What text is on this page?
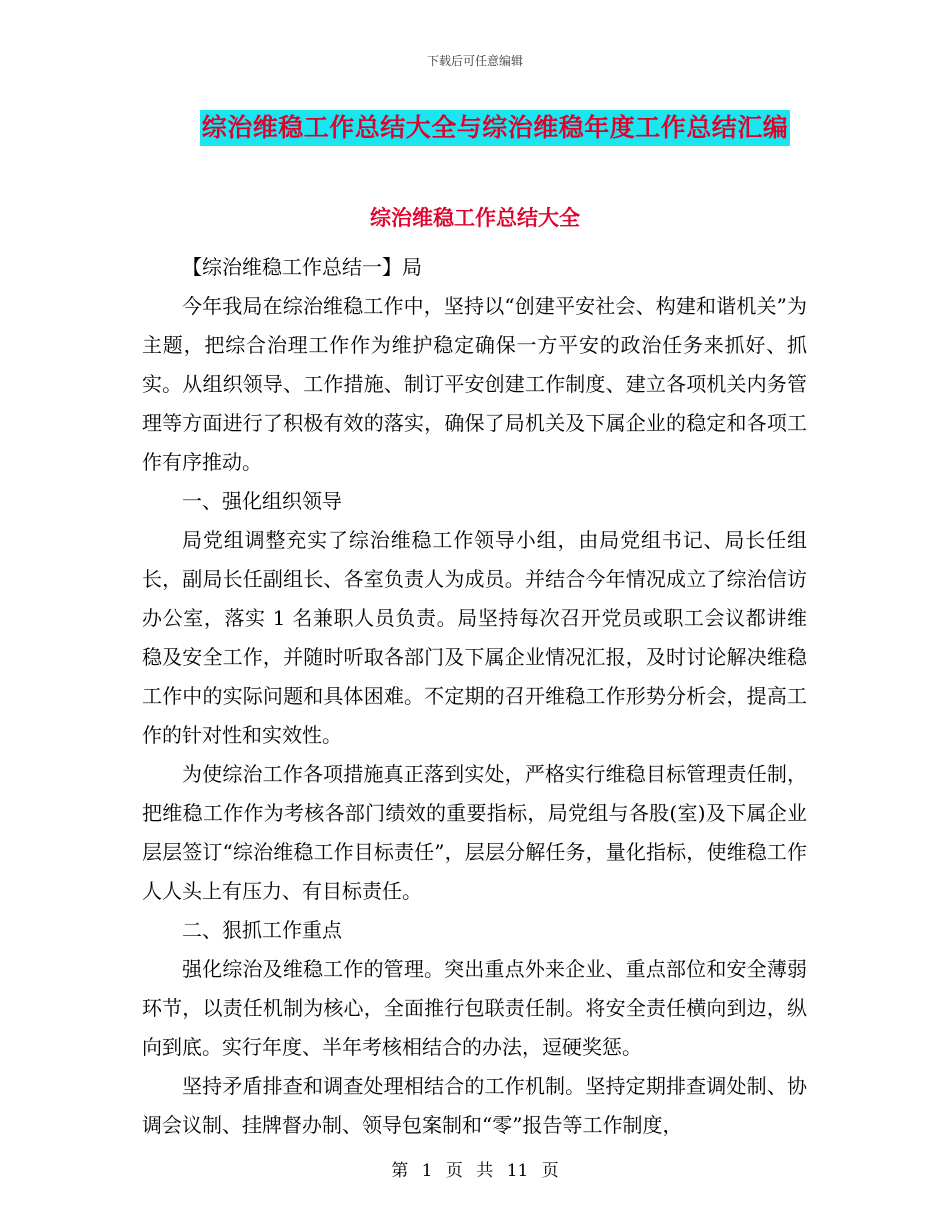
下载后可任意编辑
综治维稳工作总结大全与综治维稳年度工作总结汇编
综治维稳工作总结大全

【综治维稳工作总结一】局

今年我局在综治维稳工作中，坚持以“创建平安社会、构建和谐机关”为主题，把综合治理工作作为维护稳定确保一方平安的政治任务来抓好、抓实。从组织领导、工作措施、制订平安创建工作制度、建立各项机关内务管理等方面进行了积极有效的落实，确保了局机关及下属企业的稳定和各项工作有序推动。

一、强化组织领导

局党组调整充实了综治维稳工作领导小组，由局党组书记、局长任组长，副局长任副组长、各室负责人为成员。并结合今年情况成立了综治信访办公室，落实 1 名兼职人员负责。局坚持每次召开党员或职工会议都讲维稳及安全工作，并随时听取各部门及下属企业情况汇报，及时讨论解决维稳工作中的实际问题和具体困难。不定期的召开维稳工作形势分析会，提高工作的针对性和实效性。

为使综治工作各项措施真正落到实处，严格实行维稳目标管理责任制，把维稳工作作为考核各部门绩效的重要指标，局党组与各股(室)及下属企业层层签订“综治维稳工作目标责任”，层层分解任务，量化指标，使维稳工作人人头上有压力、有目标责任。

二、狠抓工作重点

强化综治及维稳工作的管理。突出重点外来企业、重点部位和安全薄弱环节，以责任机制为核心，全面推行包联责任制。将安全责任横向到边，纵向到底。实行年度、半年考核相结合的办法，逗硬奖惩。

坚持矛盾排查和调查处理相结合的工作机制。坚持定期排查调处制、协调会议制、挂牌督办制、领导包案制和“零”报告等工作制度，

第 1 页 共 11 页
